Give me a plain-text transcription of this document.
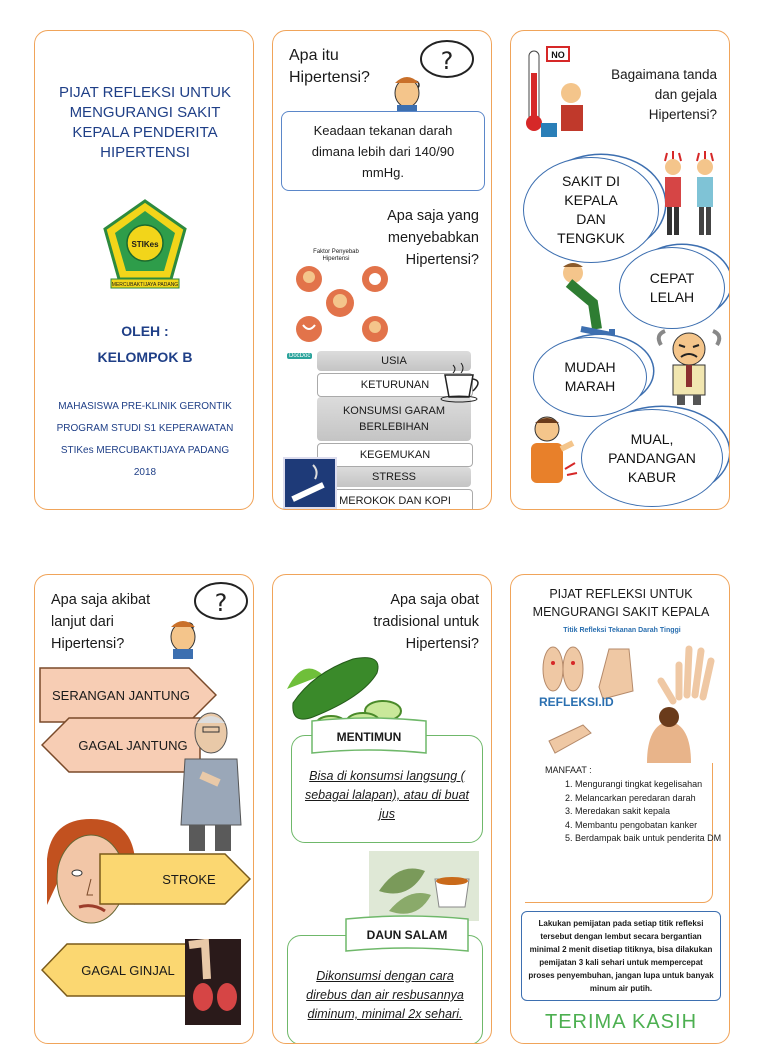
PIJAT REFLEKSI UNTUK MENGURANGI SAKIT KEPALA PENDERITA HIPERTENSI
STIKes
MERCUBAKTIJAYA PADANG
OLEH :
KELOMPOK B
MAHASISWA PRE-KLINIK GERONTIK
PROGRAM STUDI S1 KEPERAWATAN
STIKes MERCUBAKTIJAYA PADANG
2018
Apa itu Hipertensi?
?
Keadaan tekanan darah dimana lebih dari 140/90 mmHg.
Apa saja yang menyebabkan Hipertensi?
Faktor Penyebab Hipertensi
DocDoc	USIA
KETURUNAN
KONSUMSI GARAM BERLEBIHAN
KEGEMUKAN
STRESS
MEROKOK DAN KOPI
NO
Bagaimana tanda dan gejala Hipertensi?
SAKIT DI KEPALA DAN TENGKUK
CEPAT LELAH
MUDAH MARAH
MUAL, PANDANGAN KABUR
Apa saja akibat lanjut dari Hipertensi?
?
SERANGAN JANTUNG
GAGAL JANTUNG
STROKE
GAGAL GINJAL
Apa saja obat tradisional untuk Hipertensi?
MENTIMUN
Bisa di konsumsi langsung ( sebagai lalapan), atau di buat jus
DAUN SALAM
Dikonsumsi dengan cara direbus dan air resbusannya diminum, minimal 2x sehari.
PIJAT REFLEKSI UNTUK MENGURANGI SAKIT KEPALA
Titik Refleksi Tekanan Darah Tinggi
REFLEKSI.ID
MANFAAT :
1. Mengurangi tingkat kegelisahan
2. Melancarkan peredaran darah
3. Meredakan sakit kepala
4. Membantu pengobatan kanker
5. Berdampak baik untuk penderita DM
Lakukan pemijatan pada setiap titik refleksi tersebut dengan lembut secara bergantian minimal 2 menit disetiap titiknya, bisa dilakukan pemijatan 3 kali sehari untuk mempercepat proses penyembuhan, jangan lupa untuk banyak minum air putih.
TERIMA KASIH
